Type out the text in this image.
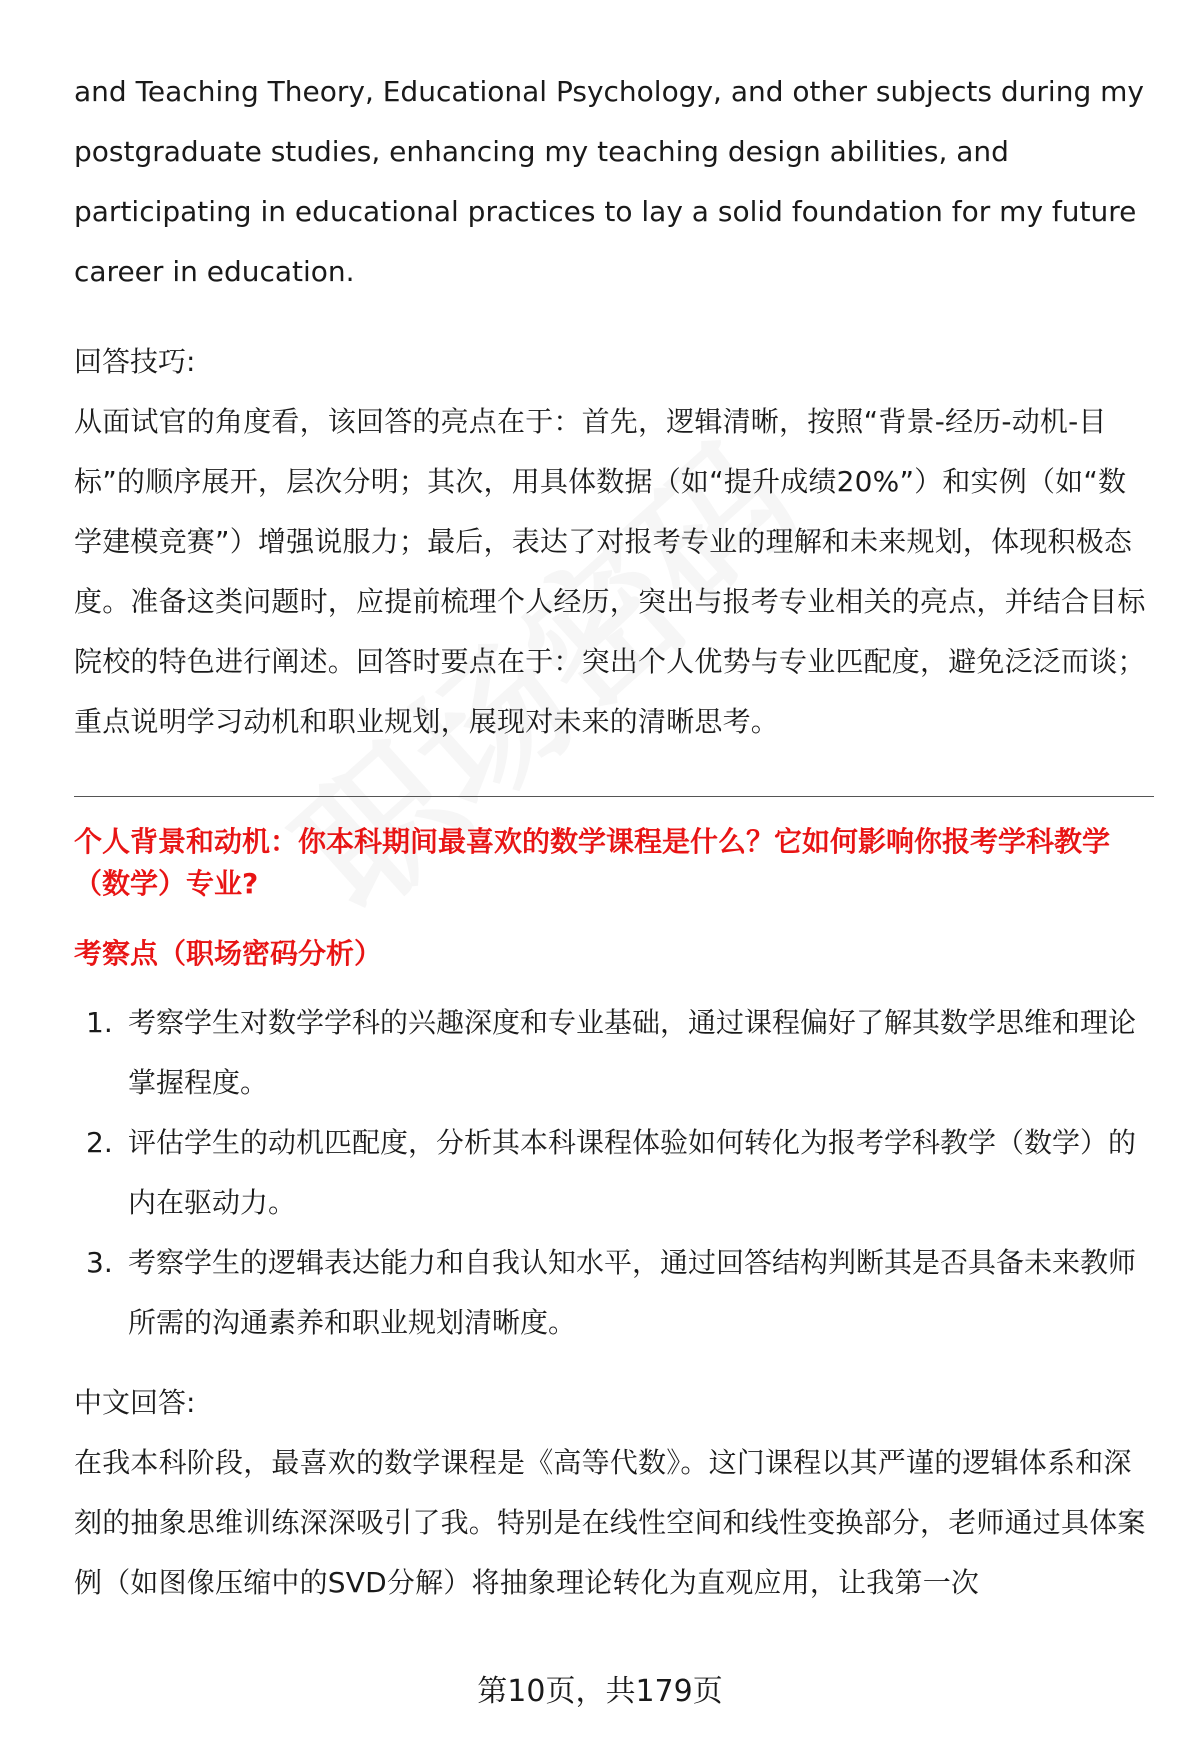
and Teaching Theory, Educational Psychology, and other subjects during my postgraduate studies, enhancing my teaching design abilities, and participating in educational practices to lay a solid foundation for my future career in education.

回答技巧:

从面试官的角度看，该回答的亮点在于：首先，逻辑清晰，按照“背景-经历-动机-目标”的顺序展开，层次分明；其次，用具体数据（如“提升成绩20%”）和实例（如“数学建模竞赛”）增强说服力；最后，表达了对报考专业的理解和未来规划，体现积极态度。准备这类问题时，应提前梳理个人经历，突出与报考专业相关的亮点，并结合目标院校的特色进行阐述。回答时要点在于：突出个人优势与专业匹配度，避免泛泛而谈；重点说明学习动机和职业规划，展现对未来的清晰思考。

个人背景和动机：你本科期间最喜欢的数学课程是什么？它如何影响你报考学科教学（数学）专业?

考察点（职场密码分析）

1. 考察学生对数学学科的兴趣深度和专业基础，通过课程偏好了解其数学思维和理论掌握程度。
2. 评估学生的动机匹配度，分析其本科课程体验如何转化为报考学科教学（数学）的内在驱动力。
3. 考察学生的逻辑表达能力和自我认知水平，通过回答结构判断其是否具备未来教师所需的沟通素养和职业规划清晰度。

中文回答:

在我本科阶段，最喜欢的数学课程是《高等代数》。这门课程以其严谨的逻辑体系和深刻的抽象思维训练深深吸引了我。特别是在线性空间和线性变换部分，老师通过具体案例（如图像压缩中的SVD分解）将抽象理论转化为直观应用，让我第一次

第10页，共179页
